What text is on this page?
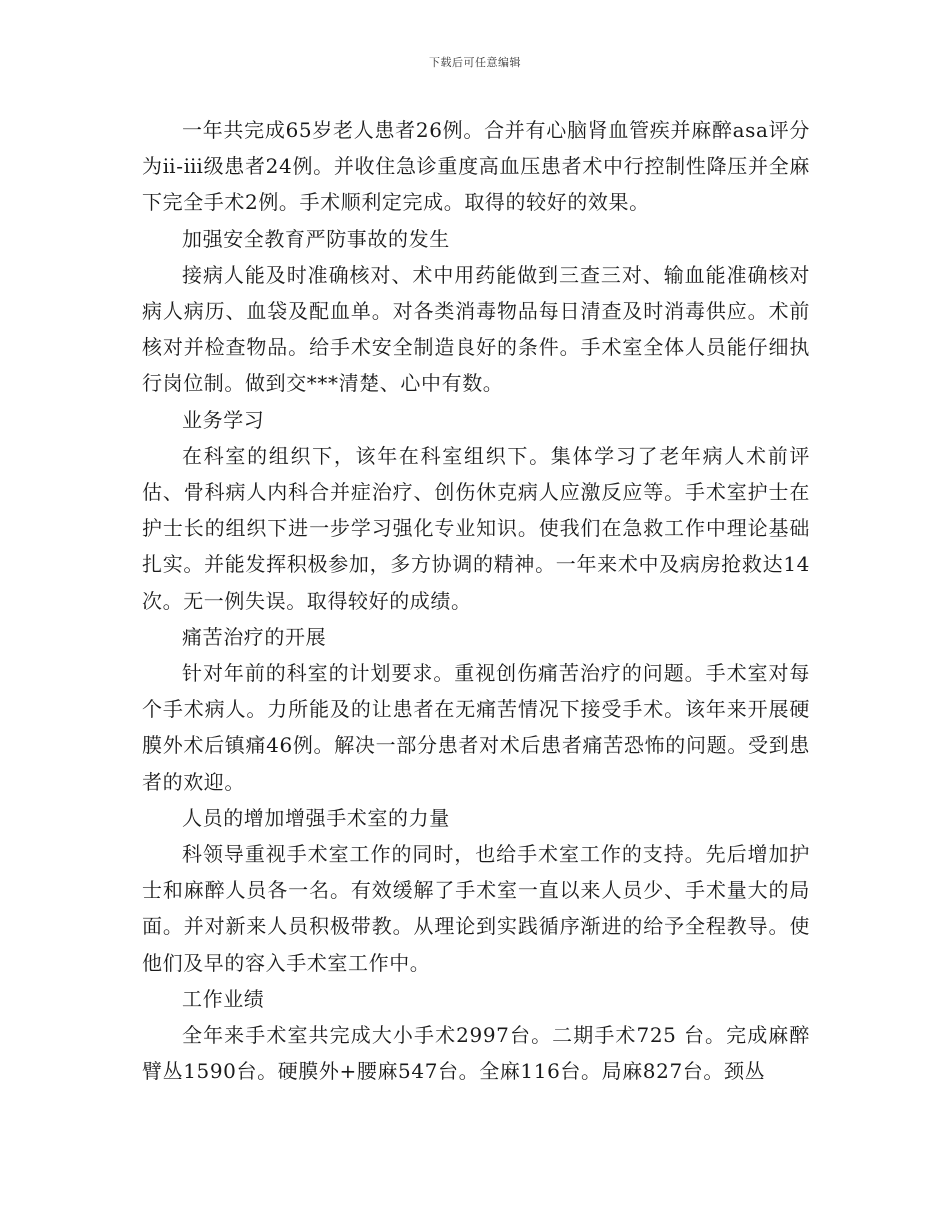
下载后可任意编辑

一年共完成65岁老人患者26例。合并有心脑肾血管疾并麻醉asa评分为ⅱ-ⅲ级患者24例。并收住急诊重度高血压患者术中行控制性降压并全麻下完全手术2例。手术顺利定完成。取得的较好的效果。

加强安全教育严防事故的发生

接病人能及时准确核对、术中用药能做到三查三对、输血能准确核对病人病历、血袋及配血单。对各类消毒物品每日清查及时消毒供应。术前核对并检查物品。给手术安全制造良好的条件。手术室全体人员能仔细执行岗位制。做到交***清楚、心中有数。

业务学习

在科室的组织下，该年在科室组织下。集体学习了老年病人术前评估、骨科病人内科合并症治疗、创伤休克病人应激反应等。手术室护士在护士长的组织下进一步学习强化专业知识。使我们在急救工作中理论基础扎实。并能发挥积极参加，多方协调的精神。一年来术中及病房抢救达14次。无一例失误。取得较好的成绩。

痛苦治疗的开展

针对年前的科室的计划要求。重视创伤痛苦治疗的问题。手术室对每个手术病人。力所能及的让患者在无痛苦情况下接受手术。该年来开展硬膜外术后镇痛46例。解决一部分患者对术后患者痛苦恐怖的问题。受到患者的欢迎。

人员的增加增强手术室的力量

科领导重视手术室工作的同时，也给手术室工作的支持。先后增加护士和麻醉人员各一名。有效缓解了手术室一直以来人员少、手术量大的局面。并对新来人员积极带教。从理论到实践循序渐进的给予全程教导。使他们及早的容入手术室工作中。

工作业绩

全年来手术室共完成大小手术2997台。二期手术725 台。完成麻醉臂丛1590台。硬膜外+腰麻547台。全麻116台。局麻827台。颈丛
